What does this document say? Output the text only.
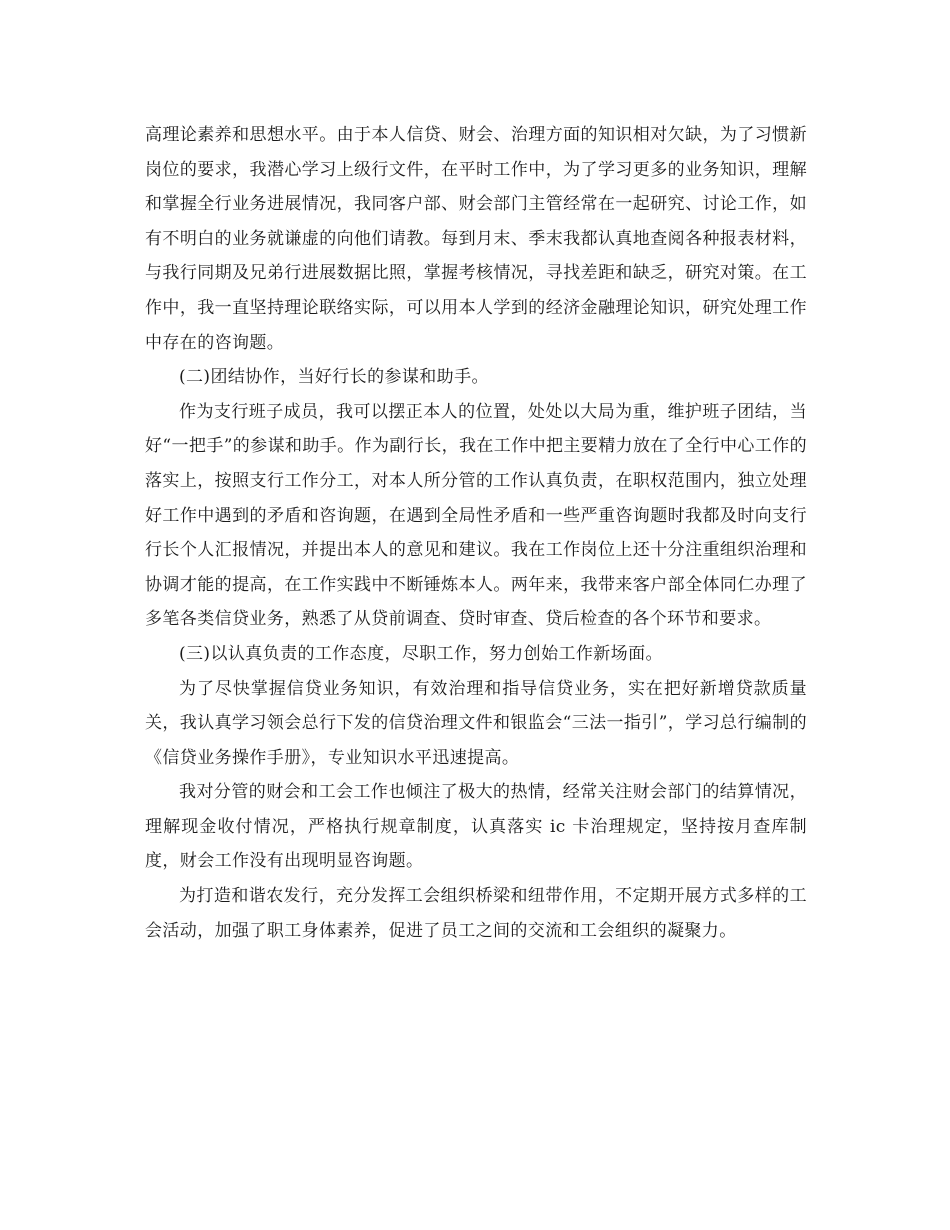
高理论素养和思想水平。由于本人信贷、财会、治理方面的知识相对欠缺，为了习惯新岗位的要求，我潜心学习上级行文件，在平时工作中，为了学习更多的业务知识，理解和掌握全行业务进展情况，我同客户部、财会部门主管经常在一起研究、讨论工作，如有不明白的业务就谦虚的向他们请教。每到月末、季末我都认真地查阅各种报表材料，与我行同期及兄弟行进展数据比照，掌握考核情况，寻找差距和缺乏，研究对策。在工作中，我一直坚持理论联络实际，可以用本人学到的经济金融理论知识，研究处理工作中存在的咨询题。

(二)团结协作，当好行长的参谋和助手。

作为支行班子成员，我可以摆正本人的位置，处处以大局为重，维护班子团结，当好“一把手”的参谋和助手。作为副行长，我在工作中把主要精力放在了全行中心工作的落实上，按照支行工作分工，对本人所分管的工作认真负责，在职权范围内，独立处理好工作中遇到的矛盾和咨询题，在遇到全局性矛盾和一些严重咨询题时我都及时向支行行长个人汇报情况，并提出本人的意见和建议。我在工作岗位上还十分注重组织治理和协调才能的提高，在工作实践中不断锤炼本人。两年来，我带来客户部全体同仁办理了多笔各类信贷业务，熟悉了从贷前调查、贷时审查、贷后检查的各个环节和要求。

(三)以认真负责的工作态度，尽职工作，努力创始工作新场面。

为了尽快掌握信贷业务知识，有效治理和指导信贷业务，实在把好新增贷款质量关，我认真学习领会总行下发的信贷治理文件和银监会“三法一指引”，学习总行编制的《信贷业务操作手册》，专业知识水平迅速提高。

我对分管的财会和工会工作也倾注了极大的热情，经常关注财会部门的结算情况，理解现金收付情况，严格执行规章制度，认真落实 ic 卡治理规定，坚持按月查库制度，财会工作没有出现明显咨询题。

为打造和谐农发行，充分发挥工会组织桥梁和纽带作用，不定期开展方式多样的工会活动，加强了职工身体素养，促进了员工之间的交流和工会组织的凝聚力。
